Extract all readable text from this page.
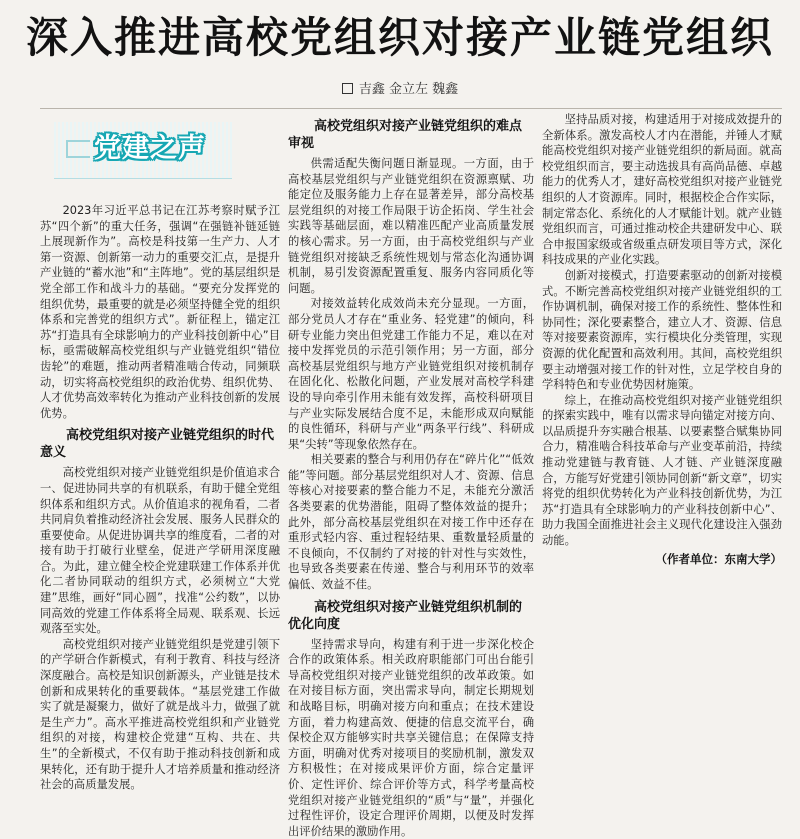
深入推进高校党组织对接产业链党组织
吉鑫 金立左 魏鑫
党建之声

2023年习近平总书记在江苏考察时赋予江苏“四个新”的重大任务，强调“在强链补链延链上展现新作为”。高校是科技第一生产力、人才第一资源、创新第一动力的重要交汇点，是提升产业链的“蓄水池”和“主阵地”。党的基层组织是党全部工作和战斗力的基础。“要充分发挥党的组织优势，最重要的就是必须坚持健全党的组织体系和完善党的组织方式”。新征程上，锚定江苏“打造具有全球影响力的产业科技创新中心”目标，亟需破解高校党组织与产业链党组织“错位齿轮”的难题，推动两者精准啮合传动，同频联动，切实将高校党组织的政治优势、组织优势、人才优势高效率转化为推动产业科技创新的发展优势。

高校党组织对接产业链党组织的时代意义

高校党组织对接产业链党组织是价值追求合一、促进协同共享的有机联系，有助于健全党组织体系和组织方式。从价值追求的视角看，二者共同肩负着推动经济社会发展、服务人民群众的重要使命。从促进协调共享的维度看，二者的对接有助于打破行业壁垒，促进产学研用深度融合。为此，建立健全校企党建联建工作体系并优化二者协同联动的组织方式，必须树立“大党建”思维，画好“同心圆”，找准“公约数”，以协同高效的党建工作体系将全局观、联系观、长远观落至实处。

高校党组织对接产业链党组织是党建引领下的产学研合作新模式，有利于教育、科技与经济深度融合。高校是知识创新源头，产业链是技术创新和成果转化的重要载体。“基层党建工作做实了就是凝聚力，做好了就是战斗力，做强了就是生产力”。高水平推进高校党组织和产业链党组织的对接，构建校企党建“互构、共在、共生”的全新模式，不仅有助于推动科技创新和成果转化，还有助于提升人才培养质量和推动经济社会的高质量发展。

高校党组织对接产业链党组织的难点审视

供需适配失衡问题日渐显现。一方面，由于高校基层党组织与产业链党组织在资源禀赋、功能定位及服务能力上存在显著差异，部分高校基层党组织的对接工作局限于访企拓岗、学生社会实践等基础层面，难以精准匹配产业高质量发展的核心需求。另一方面，由于高校党组织与产业链党组织对接缺乏系统性规划与常态化沟通协调机制，易引发资源配置重复、服务内容同质化等问题。

对接效益转化成效尚未充分显现。一方面，部分党员人才存在“重业务、轻党建”的倾向，科研专业能力突出但党建工作能力不足，难以在对接中发挥党员的示范引领作用；另一方面，部分高校基层党组织与地方产业链党组织对接机制存在固化化、松散化问题，产业发展对高校学科建设的导向牵引作用未能有效发挥，高校科研项目与产业实际发展结合度不足，未能形成双向赋能的良性循环，科研与产业“两条平行线”、科研成果“尖转”等现象依然存在。

相关要素的整合与利用仍存在“碎片化”“低效能”等问题。部分基层党组织对人才、资源、信息等核心对接要素的整合能力不足，未能充分激活各类要素的优势潜能，阻碍了整体效益的提升；此外，部分高校基层党组织在对接工作中还存在重形式轻内容、重过程轻结果、重数量轻质量的不良倾向，不仅制约了对接的针对性与实效性，也导致各类要素在传递、整合与利用环节的效率偏低、效益不佳。

高校党组织对接产业链党组织机制的优化向度

坚持需求导向，构建有利于进一步深化校企合作的政策体系。相关政府职能部门可出台能引导高校党组织对接产业链党组织的改革政策。如在对接目标方面，突出需求导向，制定长期规划和战略目标，明确对接方向和重点；在技术建设方面，着力构建高效、便捷的信息交流平台，确保校企双方能够实时共享关键信息；在保障支持方面，明确对优秀对接项目的奖励机制，激发双方积极性；在对接成果评价方面，综合定量评价、定性评价、综合评价等方式，科学考量高校党组织对接产业链党组织的“质”与“量”，并强化过程性评价，设定合理评价周期，以便及时发挥出评价结果的激励作用。

坚持品质对接，构建适用于对接成效提升的全新体系。激发高校人才内在潜能，并锤人才赋能高校党组织对接产业链党组织的新局面。就高校党组织而言，要主动选拔具有高尚品德、卓越能力的优秀人才，建好高校党组织对接产业链党组织的人才资源库。同时，根据校企合作实际，制定常态化、系统化的人才赋能计划。就产业链党组织而言，可通过推动校企共建研发中心、联合申报国家级或省级重点研发项目等方式，深化科技成果的产业化实践。

创新对接模式，打造要素驱动的创新对接模式。不断完善高校党组织对接产业链党组织的工作协调机制，确保对接工作的系统性、整体性和协同性；深化要素整合，建立人才、资源、信息等对接要素资源库，实行模块化分类管理，实现资源的优化配置和高效利用。其间，高校党组织要主动增强对接工作的针对性，立足学校自身的学科特色和专业优势因材施策。

综上，在推动高校党组织对接产业链党组织的探索实践中，唯有以需求导向锚定对接方向、以品质提升夯实融合根基、以要素整合赋集协同合力，精准啮合科技革命与产业变革前沿，持续推动党建链与教育链、人才链、产业链深度融合，方能写好党建引领协同创新“新文章”，切实将党的组织优势转化为产业科技创新优势，为江苏“打造具有全球影响力的产业科技创新中心”、助力我国全面推进社会主义现代化建设注入强劲动能。

（作者单位：东南大学）
